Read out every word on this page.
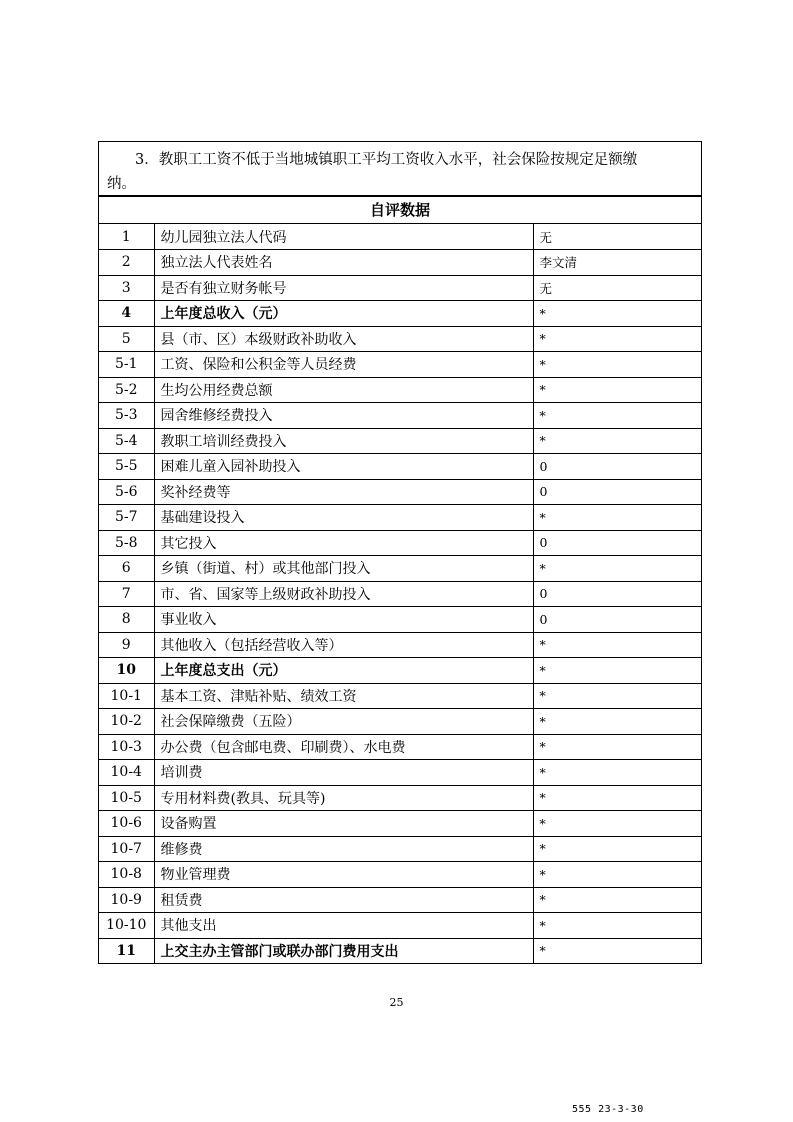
3．教职工工资不低于当地城镇职工平均工资收入水平，社会保险按规定足额缴
纳。
自评数据
1	幼儿园独立法人代码	无
2	独立法人代表姓名	李文清
3	是否有独立财务帐号	无
4	上年度总收入（元）	*
5	县（市、区）本级财政补助收入	*
5-1	工资、保险和公积金等人员经费	*
5-2	生均公用经费总额	*
5-3	园舍维修经费投入	*
5-4	教职工培训经费投入	*
5-5	困难儿童入园补助投入	0
5-6	奖补经费等	0
5-7	基础建设投入	*
5-8	其它投入	0
6	乡镇（街道、村）或其他部门投入	*
7	市、省、国家等上级财政补助投入	0
8	事业收入	0
9	其他收入（包括经营收入等）	*
10	上年度总支出（元）	*
10-1	基本工资、津贴补贴、绩效工资	*
10-2	社会保障缴费（五险）	*
10-3	办公费（包含邮电费、印刷费）、水电费	*
10-4	培训费	*
10-5	专用材料费(教具、玩具等)	*
10-6	设备购置	*
10-7	维修费	*
10-8	物业管理费	*
10-9	租赁费	*
10-10	其他支出	*
11	上交主办主管部门或联办部门费用支出	*
25
555 23-3-30
